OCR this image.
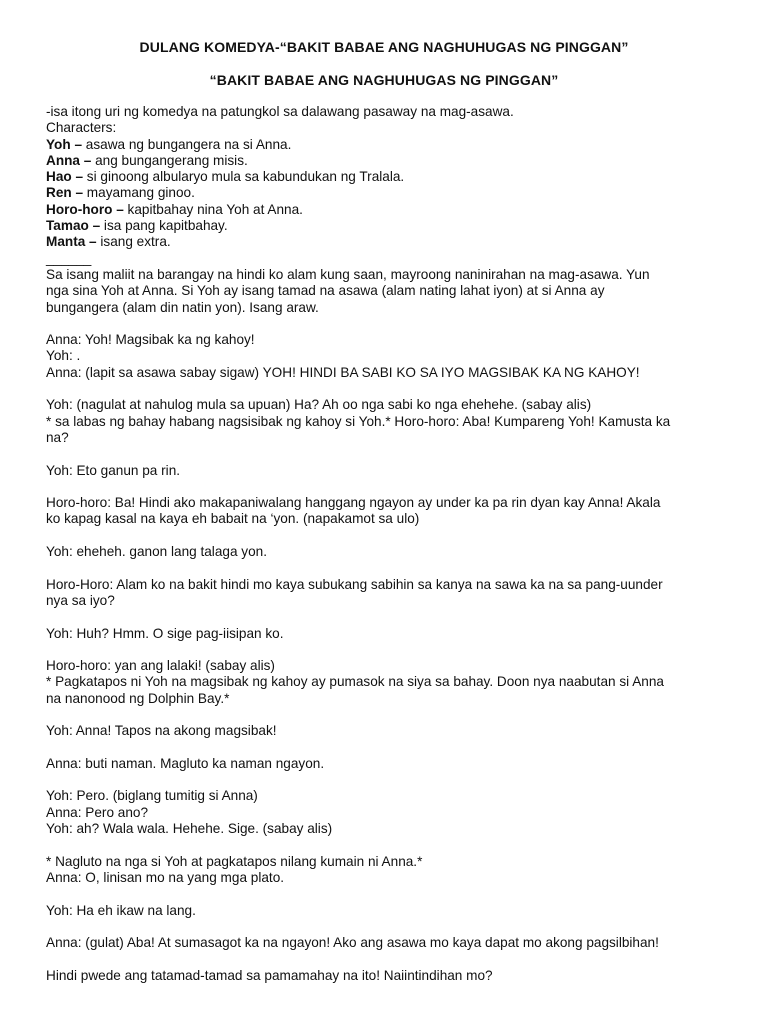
DULANG KOMEDYA-“BAKIT BABAE ANG NAGHUHUGAS NG PINGGAN”
“BAKIT BABAE ANG NAGHUHUGAS NG PINGGAN”
-isa itong uri ng komedya na patungkol sa dalawang pasaway na mag-asawa.
Characters:
Yoh – asawa ng bungangera na si Anna.
Anna – ang bungangerang misis.
Hao – si ginoong albularyo mula sa kabundukan ng Tralala.
Ren – mayamang ginoo.
Horo-horo – kapitbahay nina Yoh at Anna.
Tamao – isa pang kapitbahay.
Manta – isang extra.
______
Sa isang maliit na barangay na hindi ko alam kung saan, mayroong naninirahan na mag-asawa. Yun
nga sina Yoh at Anna. Si Yoh ay isang tamad na asawa (alam nating lahat iyon) at si Anna ay
bungangera (alam din natin yon). Isang araw.
Anna: Yoh! Magsibak ka ng kahoy!
Yoh: .
Anna: (lapit sa asawa sabay sigaw) YOH! HINDI BA SABI KO SA IYO MAGSIBAK KA NG KAHOY!
Yoh: (nagulat at nahulog mula sa upuan) Ha? Ah oo nga sabi ko nga ehehehe. (sabay alis)
* sa labas ng bahay habang nagsisibak ng kahoy si Yoh.* Horo-horo: Aba! Kumpareng Yoh! Kamusta ka
na?
Yoh: Eto ganun pa rin.
Horo-horo: Ba! Hindi ako makapaniwalang hanggang ngayon ay under ka pa rin dyan kay Anna! Akala
ko kapag kasal na kaya eh babait na ‘yon. (napakamot sa ulo)
Yoh: eheheh. ganon lang talaga yon.
Horo-Horo: Alam ko na bakit hindi mo kaya subukang sabihin sa kanya na sawa ka na sa pang-uunder
nya sa iyo?
Yoh: Huh? Hmm. O sige pag-iisipan ko.
Horo-horo: yan ang lalaki! (sabay alis)
* Pagkatapos ni Yoh na magsibak ng kahoy ay pumasok na siya sa bahay. Doon nya naabutan si Anna
na nanonood ng Dolphin Bay.*
Yoh: Anna! Tapos na akong magsibak!
Anna: buti naman. Magluto ka naman ngayon.
Yoh: Pero. (biglang tumitig si Anna)
Anna: Pero ano?
Yoh: ah? Wala wala. Hehehe. Sige. (sabay alis)
* Nagluto na nga si Yoh at pagkatapos nilang kumain ni Anna.*
Anna: O, linisan mo na yang mga plato.
Yoh: Ha eh ikaw na lang.
Anna: (gulat) Aba! At sumasagot ka na ngayon! Ako ang asawa mo kaya dapat mo akong pagsilbihan!
Hindi pwede ang tatamad-tamad sa pamamahay na ito! Naiintindihan mo?
